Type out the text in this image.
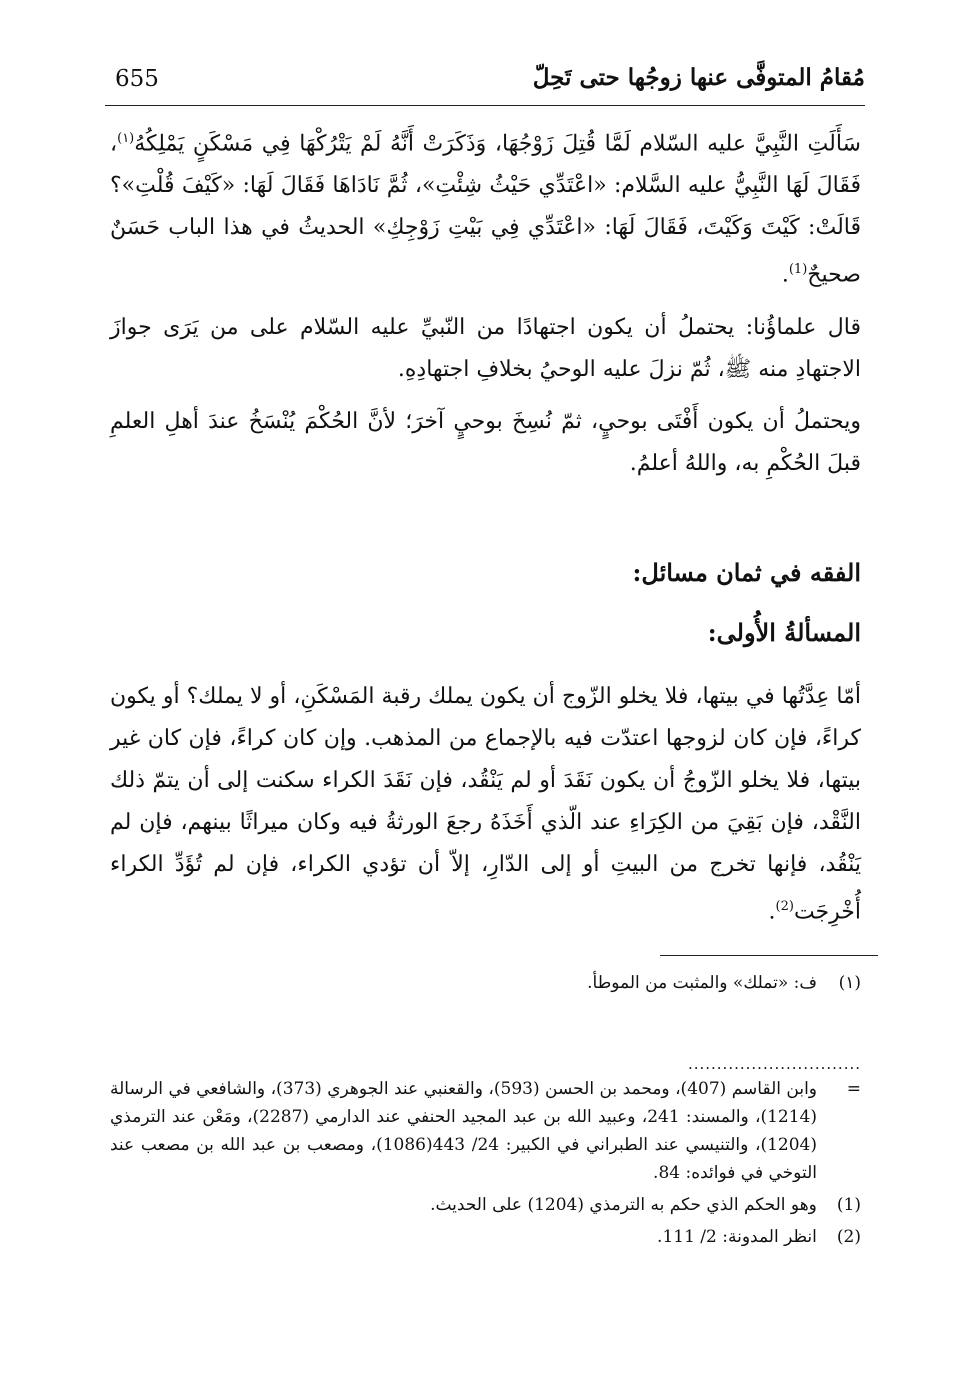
655	مُقامُ المتوفَّى عنها زوجُها حتى تَحِلّ

سَأَلَتِ النَّبِيَّ عليه السّلام لَمَّا قُتِلَ زَوْجُهَا، وَذَكَرَتْ أَنَّهُ لَمْ يَتْرُكْهَا فِي مَسْكَنٍ يَمْلِكُهُ$^{(١)}$، فَقَالَ لَهَا النَّبِيُّ عليه السَّلام: «اعْتَدِّي حَيْثُ شِئْتِ»، ثُمَّ نَادَاهَا فَقَالَ لَهَا: «كَيْفَ قُلْتِ»؟ قَالَتْ: كَيْتَ وَكَيْتَ، فَقَالَ لَهَا: «اعْتَدِّي فِي بَيْتِ زَوْجِكِ» الحديثُ في هذا الباب حَسَنٌ صحيحٌ$^{(1)}$.

قال علماؤُنا: يحتملُ أن يكون اجتهادًا من النّبيِّ عليه السّلام على من يَرَى جوازَ الاجتهادِ منه ﷺ، ثُمّ نزلَ عليه الوحيُ بخلافِ اجتهادِهِ.

ويحتملُ أن يكون أَفْتَى بوحيٍ، ثمّ نُسِخَ بوحيٍ آخرَ؛ لأنَّ الحُكْمَ يُنْسَخُ عندَ أهلِ العلمِ قبلَ الحُكْمِ به، واللهُ أعلمُ.

الفقه في ثمان مسائل:
المسألةُ الأُولى:

أمّا عِدَّتُها في بيتها، فلا يخلو الزّوج أن يكون يملك رقبة المَسْكَنِ، أو لا يملك؟ أو يكون كراءً، فإن كان لزوجها اعتدّت فيه بالإجماع من المذهب. وإن كان كراءً، فإن كان غير بيتها، فلا يخلو الزّوجُ أن يكون نَقَدَ أو لم يَنْقُد، فإن نَقَدَ الكراء سكنت إلى أن يتمّ ذلك النَّقْد، فإن بَقِيَ من الكِرَاءِ عند الّذي أَخَذَهُ رجعَ الورثةُ فيه وكان ميراثًا بينهم، فإن لم يَنْقُد، فإنها تخرج من البيتِ أو إلى الدّارِ، إلاّ أن تؤدي الكراء، فإن لم تُؤَدِّ الكراء أُخْرِجَت$^{(2)}$.

(١)
ف: «تملك» والمثبت من الموطأ.
..............................
=
وابن القاسم (407)، ومحمد بن الحسن (593)، والقعنبي عند الجوهري (373)، والشافعي في الرسالة (1214)، والمسند: 241، وعبيد الله بن عبد المجيد الحنفي عند الدارمي (2287)، ومَعْن عند الترمذي (1204)، والتنيسي عند الطبراني في الكبير: 24/ 443(1086)، ومصعب بن عبد الله بن مصعب عند التوخي في فوائده: 84.
(1)
وهو الحكم الذي حكم به الترمذي (1204) على الحديث.
(2)
انظر المدونة: 2/ 111.
